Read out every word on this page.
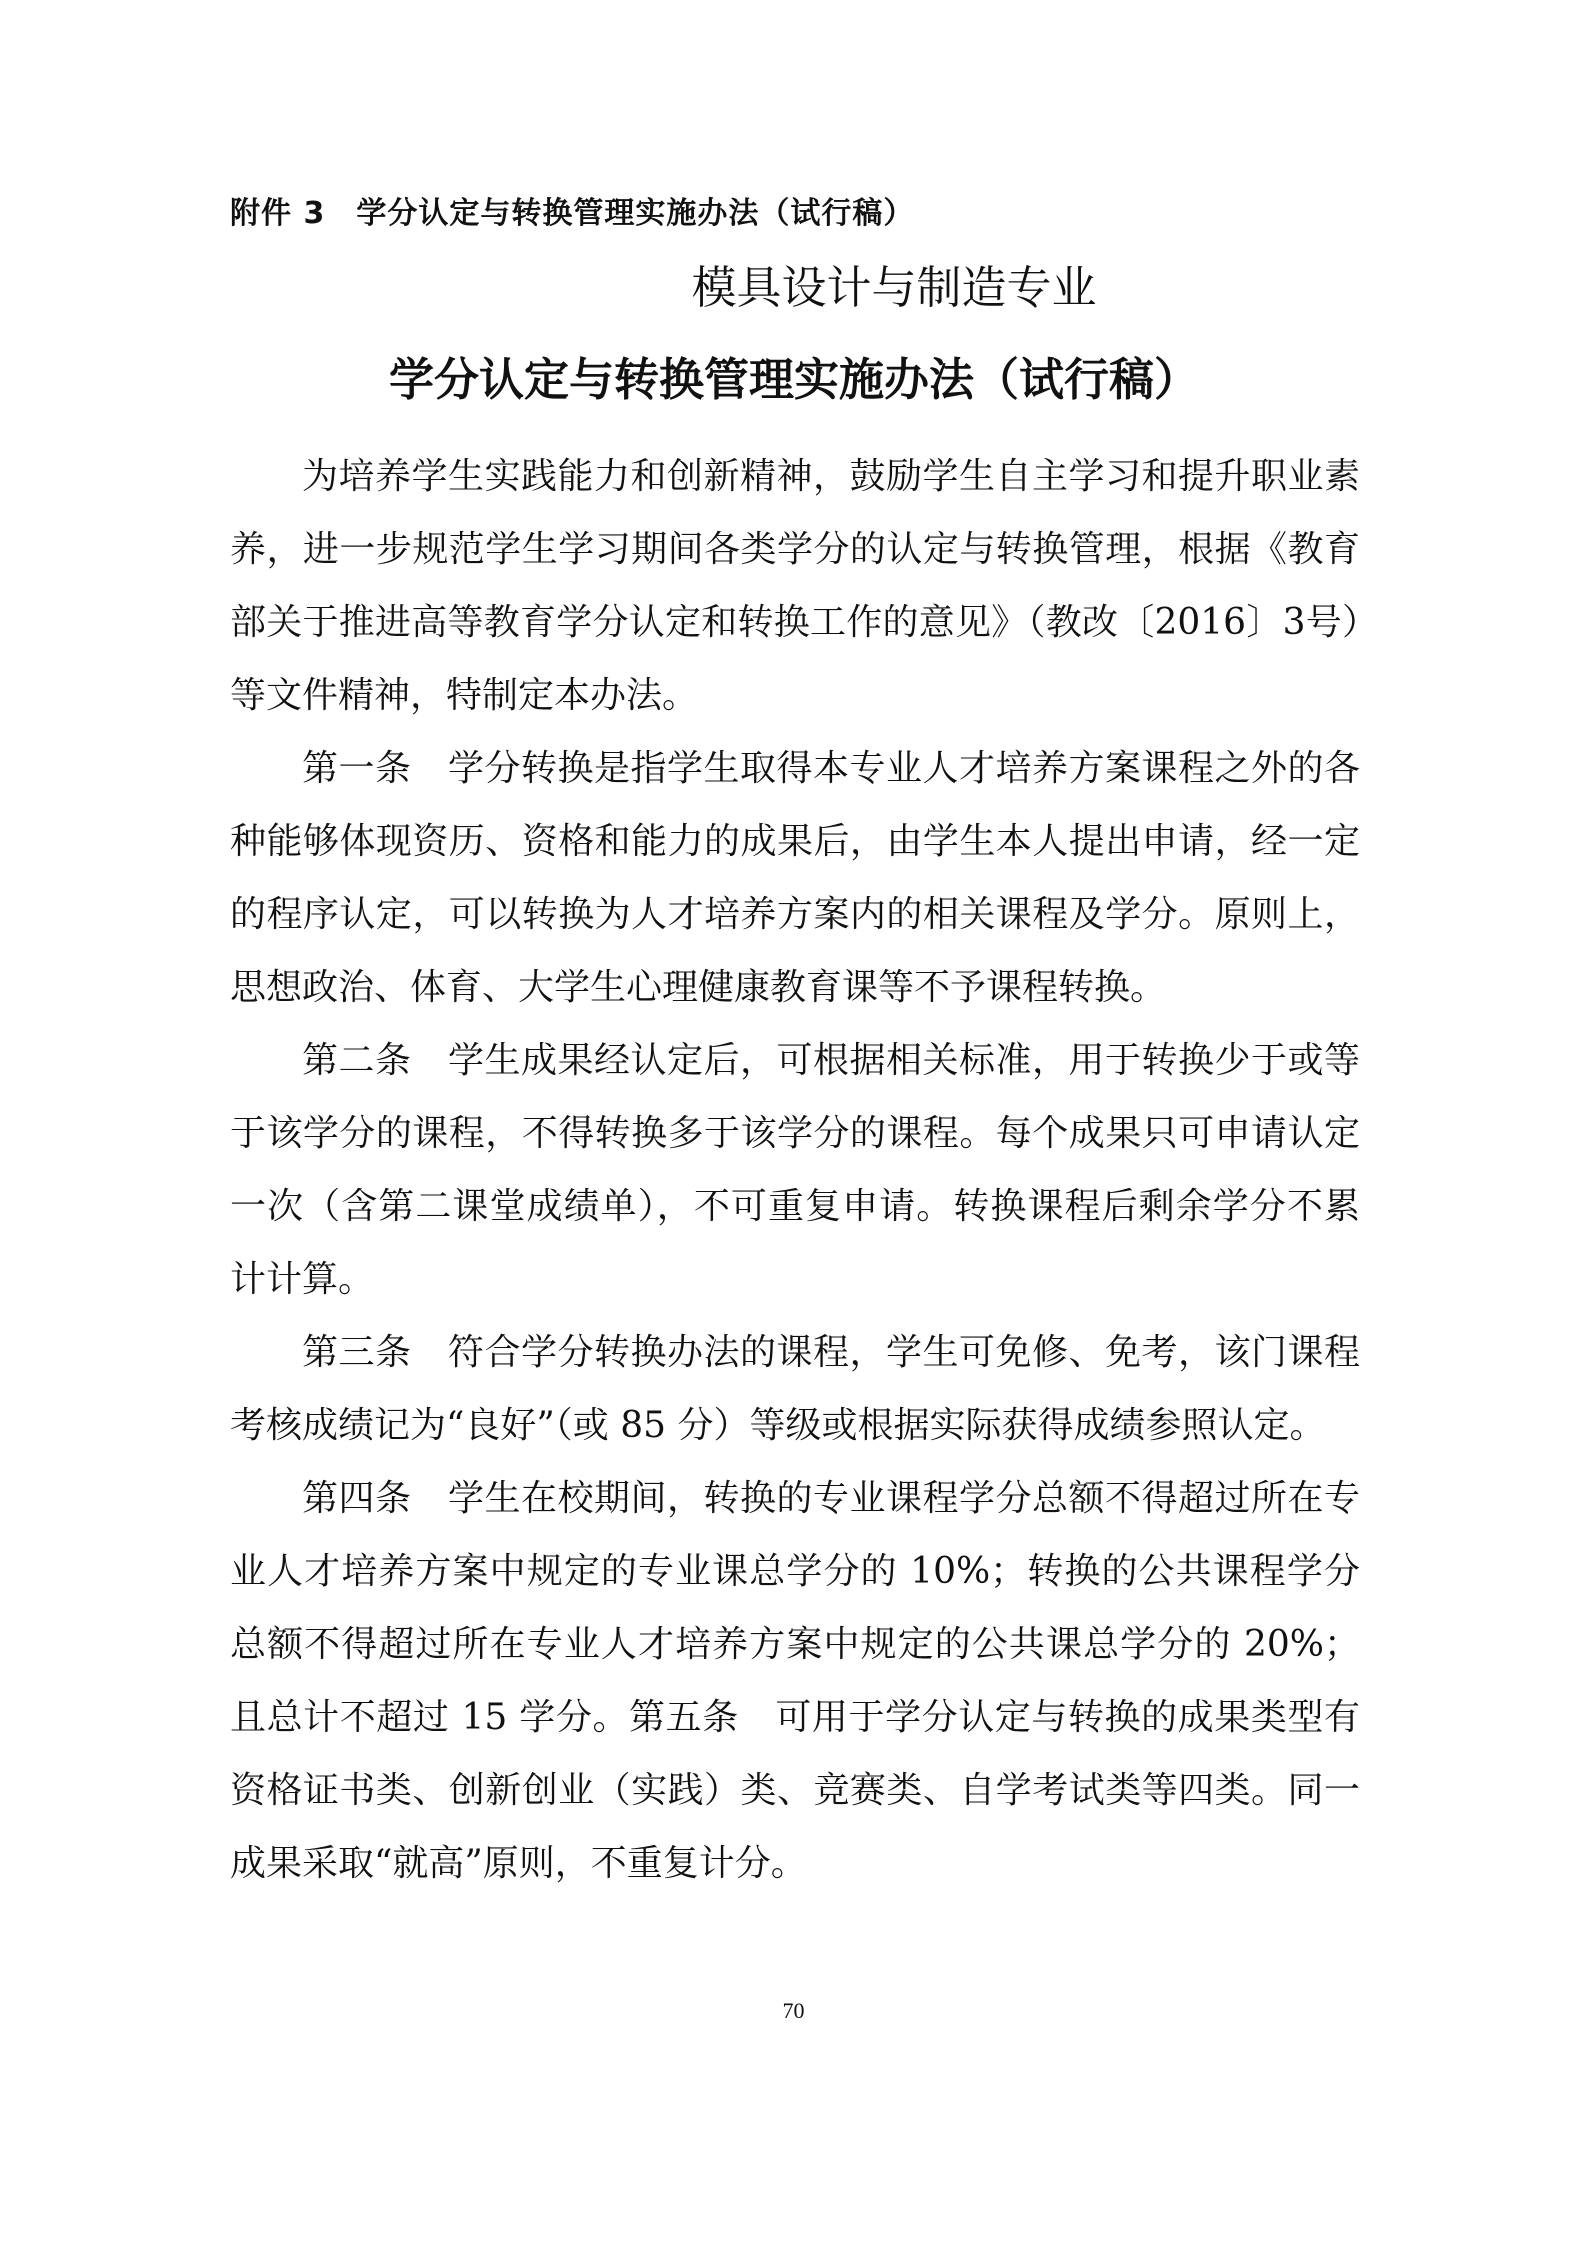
附件 3　学分认定与转换管理实施办法（试行稿）
模具设计与制造专业
学分认定与转换管理实施办法（试行稿）

为培养学生实践能力和创新精神，鼓励学生自主学习和提升职业素养，进一步规范学生学习期间各类学分的认定与转换管理，根据《教育部关于推进高等教育学分认定和转换工作的意见》（教改〔2016〕3号）等文件精神，特制定本办法。

第一条　学分转换是指学生取得本专业人才培养方案课程之外的各种能够体现资历、资格和能力的成果后，由学生本人提出申请，经一定的程序认定，可以转换为人才培养方案内的相关课程及学分。原则上，思想政治、体育、大学生心理健康教育课等不予课程转换。

第二条　学生成果经认定后，可根据相关标准，用于转换少于或等于该学分的课程，不得转换多于该学分的课程。每个成果只可申请认定一次（含第二课堂成绩单），不可重复申请。转换课程后剩余学分不累计计算。

第三条　符合学分转换办法的课程，学生可免修、免考，该门课程考核成绩记为“良好”（或 85 分）等级或根据实际获得成绩参照认定。

第四条　学生在校期间，转换的专业课程学分总额不得超过所在专业人才培养方案中规定的专业课总学分的 10%；转换的公共课程学分总额不得超过所在专业人才培养方案中规定的公共课总学分的 20%；且总计不超过 15 学分。第五条　可用于学分认定与转换的成果类型有资格证书类、创新创业（实践）类、竞赛类、自学考试类等四类。同一成果采取“就高”原则，不重复计分。

70
